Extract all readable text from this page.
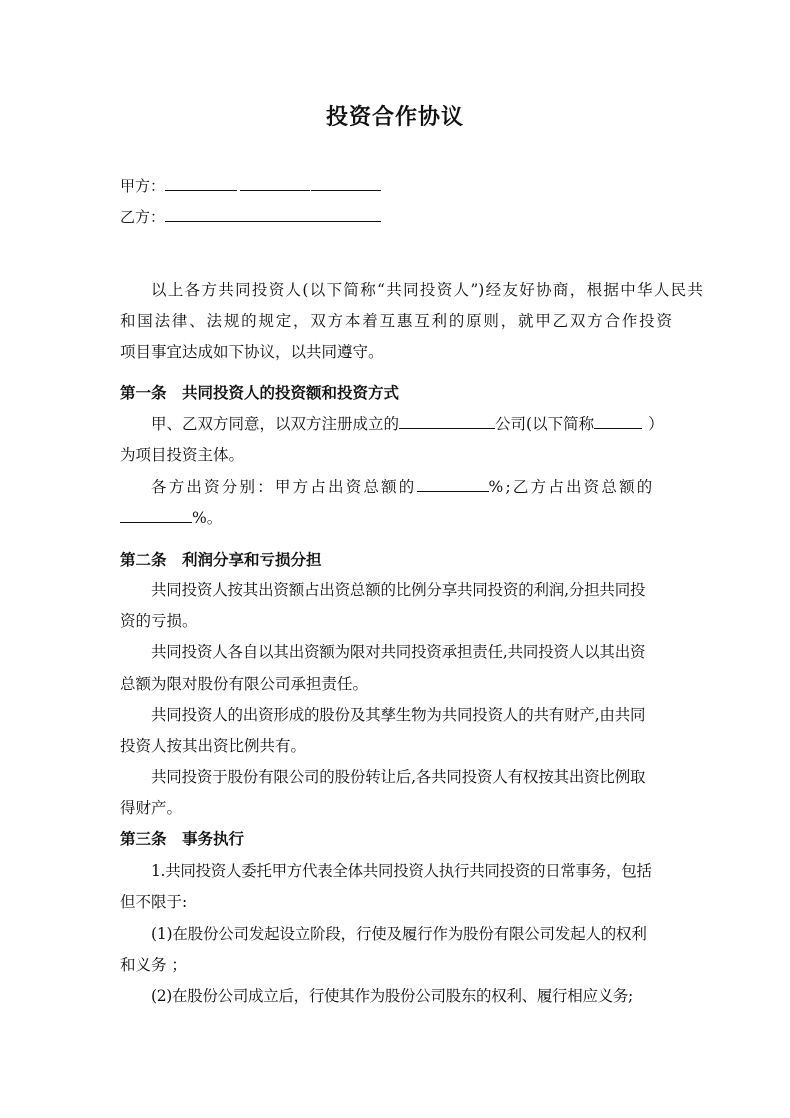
投资合作协议
甲方：
乙方：
以上各方共同投资人(以下简称“共同投资人”)经友好协商，根据中华人民共
和国法律、法规的规定，双方本着互惠互利的原则，就甲乙双方合作投资
项目事宜达成如下协议，以共同遵守。
第一条　共同投资人的投资额和投资方式
甲、乙双方同意，以双方注册成立的	公司(以下简称	）
为项目投资主体。
各方出资分别：甲方占出资总额的	%;乙方占出资总额的
%。
第二条　利润分享和亏损分担
共同投资人按其出资额占出资总额的比例分享共同投资的利润,分担共同投
资的亏损。
共同投资人各自以其出资额为限对共同投资承担责任,共同投资人以其出资
总额为限对股份有限公司承担责任。
共同投资人的出资形成的股份及其孳生物为共同投资人的共有财产,由共同
投资人按其出资比例共有。
共同投资于股份有限公司的股份转让后,各共同投资人有权按其出资比例取
得财产。
第三条　事务执行
1.共同投资人委托甲方代表全体共同投资人执行共同投资的日常事务，包括
但不限于:
(1)在股份公司发起设立阶段，行使及履行作为股份有限公司发起人的权利
和义务 ；
(2)在股份公司成立后，行使其作为股份公司股东的权利、履行相应义务;
